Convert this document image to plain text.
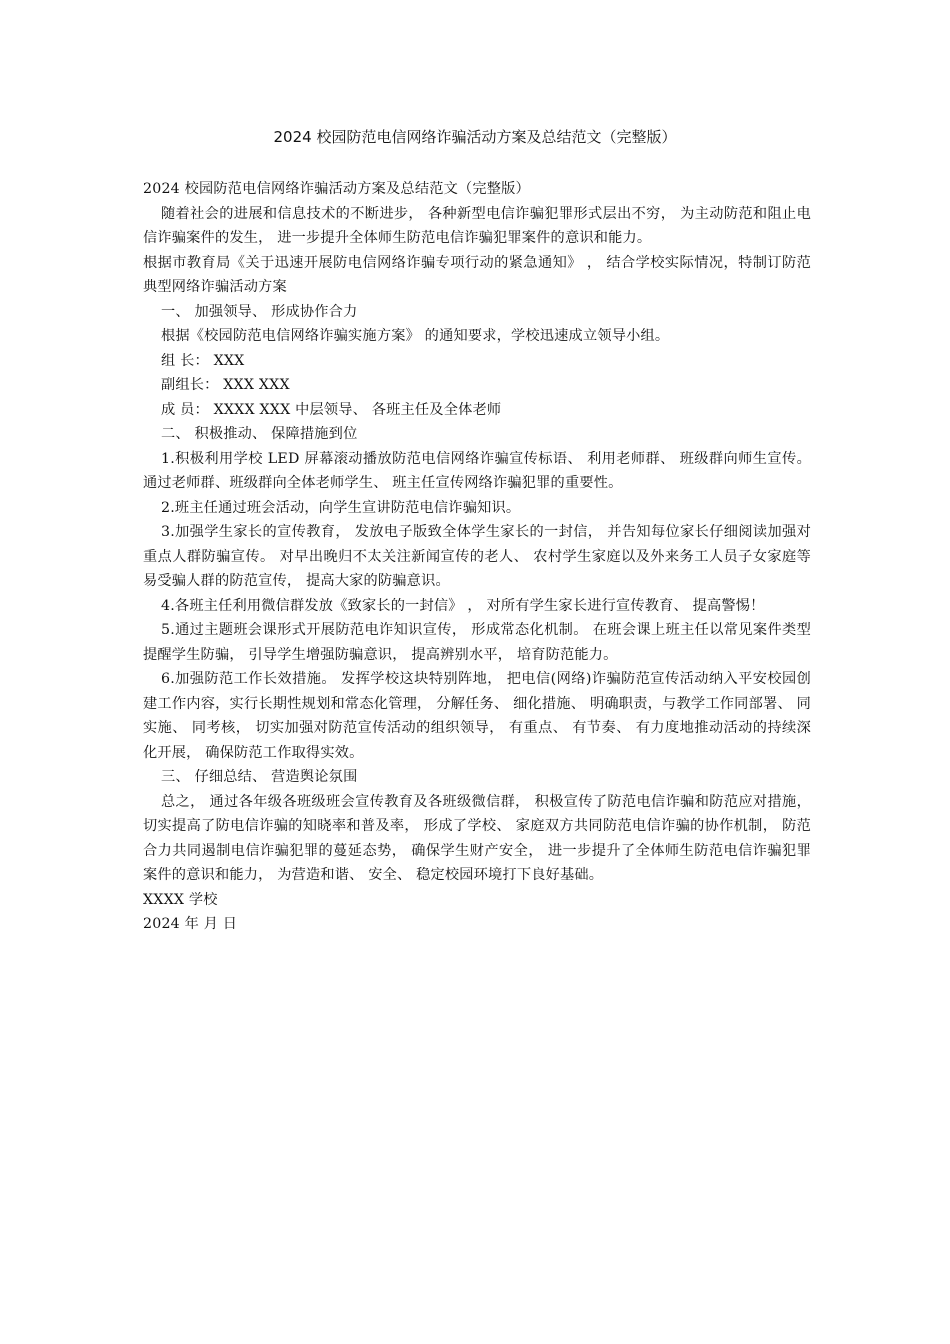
2024 校园防范电信网络诈骗活动方案及总结范文（完整版）

2024 校园防范电信网络诈骗活动方案及总结范文（完整版）

随着社会的进展和信息技术的不断进步， 各种新型电信诈骗犯罪形式层出不穷， 为主动防范和阻止电信诈骗案件的发生， 进一步提升全体师生防范电信诈骗犯罪案件的意识和能力。

根据市教育局《关于迅速开展防电信网络诈骗专项行动的紧急通知》 ， 结合学校实际情况，特制订防范典型网络诈骗活动方案

一、 加强领导、 形成协作合力

根据《校园防范电信网络诈骗实施方案》 的通知要求，学校迅速成立领导小组。

组 长： XXX

副组长： XXX XXX

成 员： XXXX XXX 中层领导、 各班主任及全体老师

二、 积极推动、 保障措施到位

1.积极利用学校 LED 屏幕滚动播放防范电信网络诈骗宣传标语、 利用老师群、 班级群向师生宣传。 通过老师群、班级群向全体老师学生、 班主任宣传网络诈骗犯罪的重要性。

2.班主任通过班会活动，向学生宣讲防范电信诈骗知识。

3.加强学生家长的宣传教育， 发放电子版致全体学生家长的一封信， 并告知每位家长仔细阅读加强对重点人群防骗宣传。 对早出晚归不太关注新闻宣传的老人、 农村学生家庭以及外来务工人员子女家庭等易受骗人群的防范宣传， 提高大家的防骗意识。

4.各班主任利用微信群发放《致家长的一封信》 ， 对所有学生家长进行宣传教育、 提高警惕！

5.通过主题班会课形式开展防范电诈知识宣传， 形成常态化机制。 在班会课上班主任以常见案件类型提醒学生防骗， 引导学生增强防骗意识， 提高辨别水平， 培育防范能力。

6.加强防范工作长效措施。 发挥学校这块特别阵地， 把电信(网络)诈骗防范宣传活动纳入平安校园创建工作内容，实行长期性规划和常态化管理， 分解任务、 细化措施、 明确职责，与教学工作同部署、 同实施、 同考核， 切实加强对防范宣传活动的组织领导， 有重点、 有节奏、 有力度地推动活动的持续深化开展， 确保防范工作取得实效。

三、 仔细总结、 营造舆论氛围

总之， 通过各年级各班级班会宣传教育及各班级微信群， 积极宣传了防范电信诈骗和防范应对措施， 切实提高了防电信诈骗的知晓率和普及率， 形成了学校、 家庭双方共同防范电信诈骗的协作机制， 防范合力共同遏制电信诈骗犯罪的蔓延态势， 确保学生财产安全， 进一步提升了全体师生防范电信诈骗犯罪案件的意识和能力， 为营造和谐、 安全、 稳定校园环境打下良好基础。

XXXX 学校

2024 年 月 日
